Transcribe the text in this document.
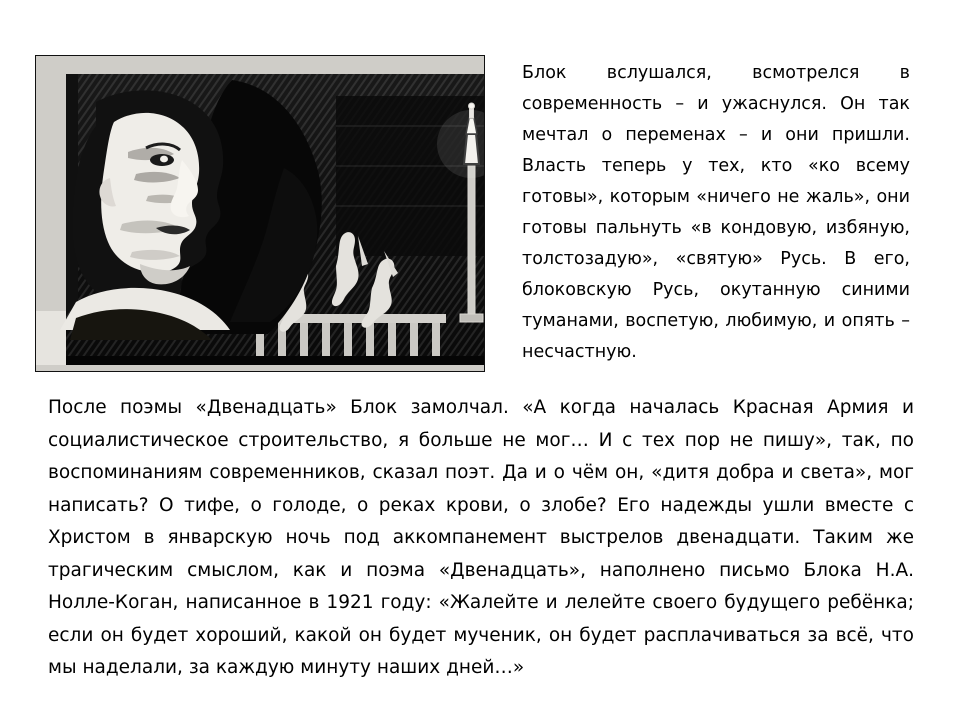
Блок вслушался, всмотрелся в современность – и ужаснулся. Он так мечтал о переменах – и они пришли. Власть теперь у тех, кто «ко всему готовы», которым «ничего не жаль», они готовы пальнуть «в кондовую, избяную, толстозадую», «святую» Русь. В его, блоковскую Русь, окутанную синими туманами, воспетую, любимую, и опять – несчастную.

После поэмы «Двенадцать» Блок замолчал. «А когда началась Красная Армия и социалистическое строительство, я больше не мог… И с тех пор не пишу», так, по воспоминаниям современников, сказал поэт. Да и о чём он, «дитя добра и света», мог написать? О тифе, о голоде, о реках крови, о злобе? Его надежды ушли вместе с Христом в январскую ночь под аккомпанемент выстрелов двенадцати. Таким же трагическим смыслом, как и поэма «Двенадцать», наполнено письмо Блока Н.А. Нолле-Коган, написанное в 1921 году: «Жалейте и лелейте своего будущего ребёнка; если он будет хороший, какой он будет мученик, он будет расплачиваться за всё, что мы наделали, за каждую минуту наших дней…»
